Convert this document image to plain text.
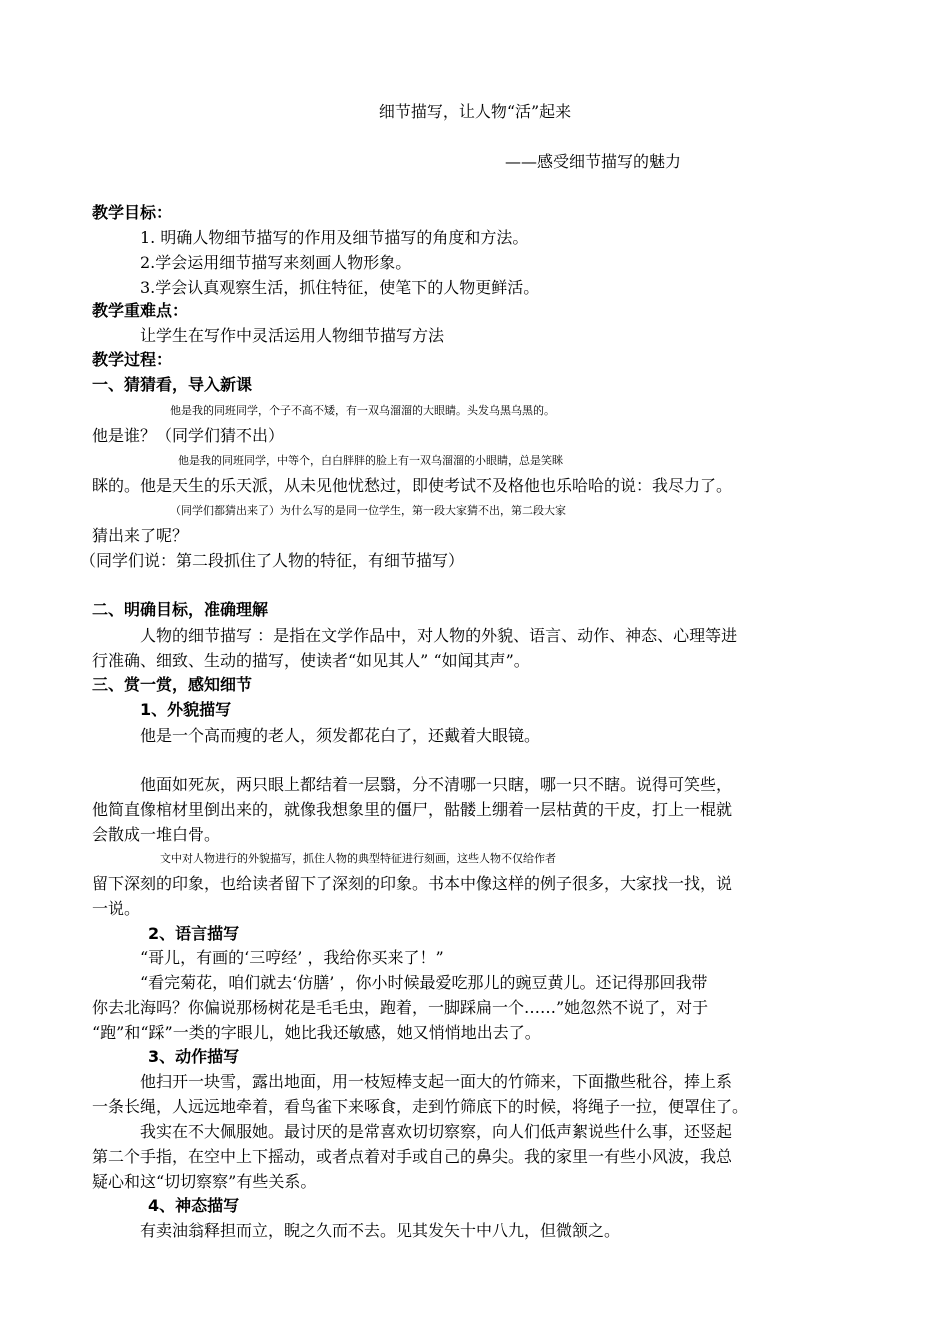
细节描写，让人物“活”起来
——感受细节描写的魅力
教学目标：
1. 明确人物细节描写的作用及细节描写的角度和方法。
2.学会运用细节描写来刻画人物形象。
3.学会认真观察生活，抓住特征，使笔下的人物更鲜活。
教学重难点：
让学生在写作中灵活运用人物细节描写方法
教学过程：
一、猜猜看，导入新课
他是我的同班同学，个子不高不矮，有一双乌溜溜的大眼睛。头发乌黑乌黑的。
他是谁？（同学们猜不出）
他是我的同班同学，中等个，白白胖胖的脸上有一双乌溜溜的小眼睛，总是笑眯
眯的。他是天生的乐天派，从未见他忧愁过，即使考试不及格他也乐哈哈的说：我尽力了。
（同学们都猜出来了）为什么写的是同一位学生，第一段大家猜不出，第二段大家
猜出来了呢？
（同学们说：第二段抓住了人物的特征，有细节描写）
二、明确目标，准确理解
人物的细节描写 ：是指在文学作品中，对人物的外貌、语言、动作、神态、心理等进
行准确、细致、生动的描写，使读者“如见其人” “如闻其声”。
三、赏一赏，感知细节
1、外貌描写
他是一个高而瘦的老人，须发都花白了，还戴着大眼镜。
他面如死灰，两只眼上都结着一层翳，分不清哪一只瞎，哪一只不瞎。说得可笑些，
他简直像棺材里倒出来的，就像我想象里的僵尸，骷髅上绷着一层枯黄的干皮，打上一棍就
会散成一堆白骨。
文中对人物进行的外貌描写，抓住人物的典型特征进行刻画，这些人物不仅给作者
留下深刻的印象，也给读者留下了深刻的印象。书本中像这样的例子很多，大家找一找，说
一说。
2、语言描写
“哥儿，有画的‘三哼经’ ，我给你买来了！”
“看完菊花，咱们就去‘仿膳’ ，你小时候最爱吃那儿的豌豆黄儿。还记得那回我带
你去北海吗？你偏说那杨树花是毛毛虫，跑着，一脚踩扁一个……”她忽然不说了，对于
“跑”和“踩”一类的字眼儿，她比我还敏感，她又悄悄地出去了。
3、动作描写
他扫开一块雪，露出地面，用一枝短棒支起一面大的竹筛来，下面撒些秕谷，捧上系
一条长绳，人远远地牵着，看鸟雀下来啄食，走到竹筛底下的时候，将绳子一拉，便罩住了。
我实在不大佩服她。最讨厌的是常喜欢切切察察，向人们低声絮说些什么事，还竖起
第二个手指，在空中上下摇动，或者点着对手或自己的鼻尖。我的家里一有些小风波，我总
疑心和这“切切察察”有些关系。
4、神态描写
有卖油翁释担而立，睨之久而不去。见其发矢十中八九，但微颔之。
